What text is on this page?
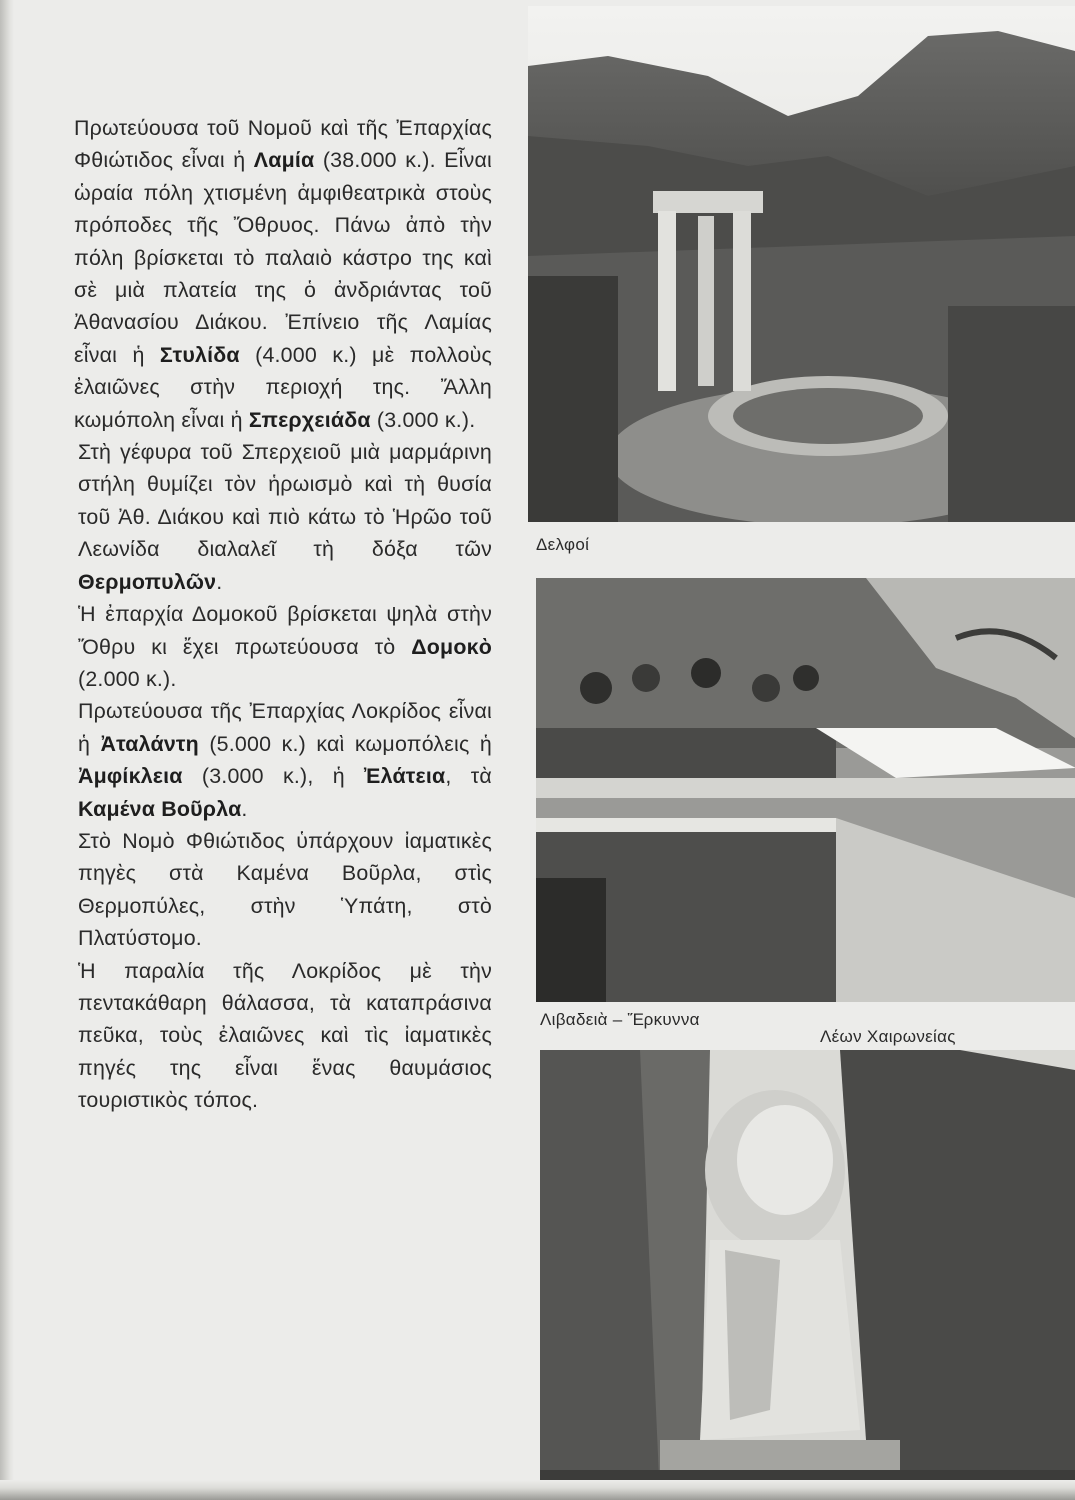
Πρωτεύουσα τοῦ Νομοῦ καὶ τῆς Ἐπαρχίας Φθιώτιδος εἶναι ἡ Λαμία (38.000 κ.). Εἶναι ὡραία πόλη χτισμένη ἀμφιθεατρικὰ στοὺς πρόποδες τῆς Ὄθρυος. Πάνω ἀπὸ τὴν πόλη βρίσκεται τὸ παλαιὸ κάστρο της καὶ σὲ μιὰ πλατεία της ὁ ἀνδριάντας τοῦ Ἀθανασίου Διάκου. Ἐπίνειο τῆς Λαμίας εἶναι ἡ Στυλίδα (4.000 κ.) μὲ πολλοὺς ἐλαιῶνες στὴν περιοχή της. Ἄλλη κωμόπολη εἶναι ἡ Σπερχειάδα (3.000 κ.).

Στὴ γέφυρα τοῦ Σπερχειοῦ μιὰ μαρμάρινη στήλη θυμίζει τὸν ἡρωισμὸ καὶ τὴ θυσία τοῦ Ἀθ. Διάκου καὶ πιὸ κάτω τὸ Ἡρῶο τοῦ Λεωνίδα διαλαλεῖ τὴ δόξα τῶν Θερμοπυλῶν.

Ἡ ἐπαρχία Δομοκοῦ βρίσκεται ψηλὰ στὴν Ὄθρυ κι ἔχει πρωτεύουσα τὸ Δομοκὸ (2.000 κ.).

Πρωτεύουσα τῆς Ἐπαρχίας Λοκρίδος εἶναι ἡ Ἀταλάντη (5.000 κ.) καὶ κωμοπόλεις ἡ Ἀμφίκλεια (3.000 κ.), ἡ Ἐλάτεια, τὰ Καμένα Βοῦρλα.

Στὸ Νομὸ Φθιώτιδος ὑπάρχουν ἰαματικὲς πηγὲς στὰ Καμένα Βοῦρλα, στὶς Θερμοπύλες, στὴν Ὑπάτη, στὸ Πλατύστομο.

Ἡ παραλία τῆς Λοκρίδος μὲ τὴν πεντακάθαρη θάλασσα, τὰ καταπράσινα πεῦκα, τοὺς ἐλαιῶνες καὶ τὶς ἰαματικὲς πηγές της εἶναι ἕνας θαυμάσιος τουριστικὸς τόπος.

Δελφοί
Λιβαδειὰ – Ἕρκυννα
Λέων Χαιρωνείας
